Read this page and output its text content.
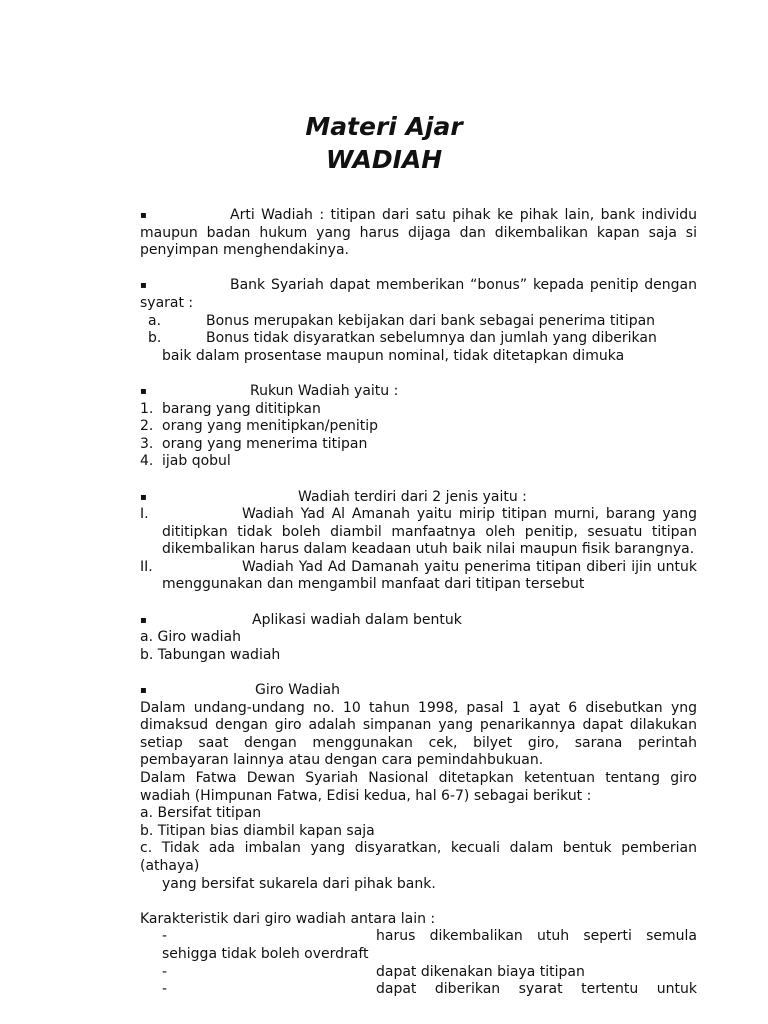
Materi Ajar
WADIAH
▪	Arti Wadiah : titipan dari satu pihak ke pihak lain, bank individu maupun badan hukum yang harus dijaga dan dikembalikan kapan saja si penyimpan menghendakinya.
▪	Bank Syariah dapat memberikan “bonus” kepada penitip dengan syarat :
a.	Bonus merupakan kebijakan dari bank sebagai penerima titipan
b.	Bonus tidak disyaratkan sebelumnya dan jumlah yang diberikan
baik dalam prosentase maupun nominal, tidak ditetapkan dimuka
▪	Rukun Wadiah yaitu :
1. barang yang dititipkan
2. orang yang menitipkan/penitip
3. orang yang menerima titipan
4. ijab qobul
▪	Wadiah terdiri dari 2 jenis yaitu :
I.	Wadiah Yad Al Amanah yaitu mirip titipan murni, barang yang dititipkan tidak boleh diambil manfaatnya oleh penitip, sesuatu titipan dikembalikan harus dalam keadaan utuh baik nilai maupun fisik barangnya.
II.	Wadiah Yad Ad Damanah yaitu penerima titipan diberi ijin untuk menggunakan dan mengambil manfaat dari titipan tersebut
▪	Aplikasi wadiah dalam bentuk
a. Giro wadiah
b. Tabungan wadiah
▪	Giro Wadiah
Dalam undang-undang no. 10 tahun 1998, pasal 1 ayat 6 disebutkan yng dimaksud dengan giro adalah simpanan yang penarikannya dapat dilakukan setiap saat dengan menggunakan cek, bilyet giro, sarana perintah pembayaran lainnya atau dengan cara pemindahbukuan.
Dalam Fatwa Dewan Syariah Nasional ditetapkan ketentuan tentang giro wadiah (Himpunan Fatwa, Edisi kedua, hal 6-7) sebagai berikut :
a. Bersifat titipan
b. Titipan bias diambil kapan saja
c. Tidak ada imbalan yang disyaratkan, kecuali dalam bentuk pemberian (athaya)
yang bersifat sukarela dari pihak bank.
Karakteristik dari giro wadiah antara lain :
-	harus dikembalikan utuh seperti semula
sehigga tidak boleh overdraft
-	dapat dikenakan biaya titipan
-	dapat diberikan syarat tertentu untuk
